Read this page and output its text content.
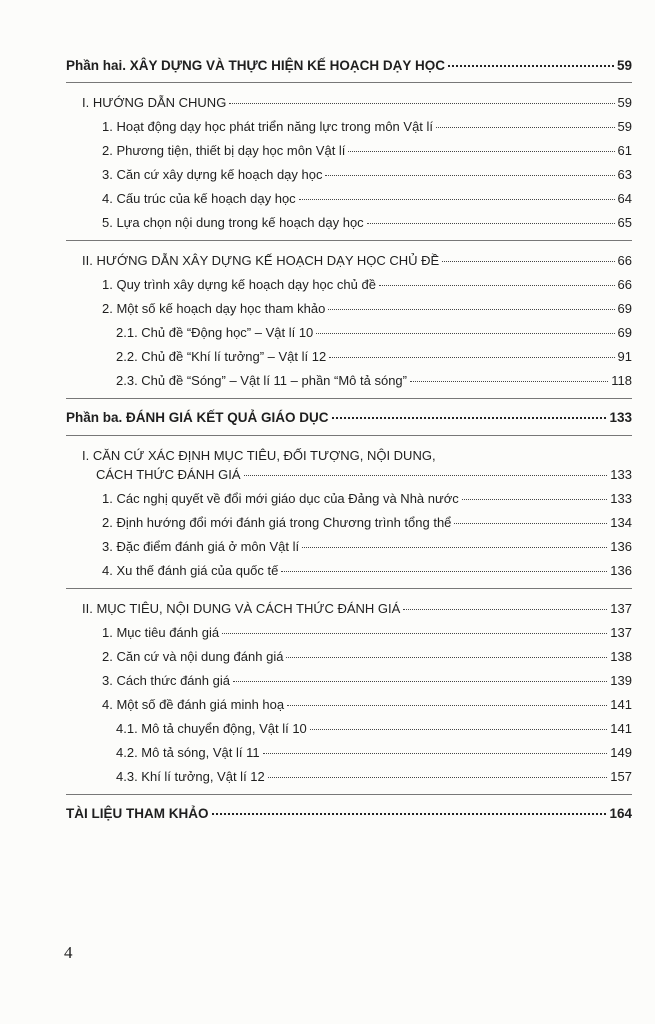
Phần hai. XÂY DỰNG VÀ THỰC HIỆN KẾ HOẠCH DẠY HỌC	59
I. HƯỚNG DẪN CHUNG	59
1. Hoạt động dạy học phát triển năng lực trong môn Vật lí	59
2. Phương tiện, thiết bị dạy học môn Vật lí	61
3. Căn cứ xây dựng kế hoạch dạy học	63
4. Cấu trúc của kế hoạch dạy học	64
5. Lựa chọn nội dung trong kế hoạch dạy học	65
II. HƯỚNG DẪN XÂY DỰNG KẾ HOẠCH DẠY HỌC CHỦ ĐỀ	66
1. Quy trình xây dựng kế hoạch dạy học chủ đề	66
2. Một số kế hoạch dạy học tham khảo	69
2.1. Chủ đề “Động học” – Vật lí 10	69
2.2. Chủ đề “Khí lí tưởng” – Vật lí 12	91
2.3. Chủ đề “Sóng” – Vật lí 11 – phần “Mô tả sóng”	118
Phần ba. ĐÁNH GIÁ KẾT QUẢ GIÁO DỤC	133
I. CĂN CỨ XÁC ĐỊNH MỤC TIÊU, ĐỐI TƯỢNG, NỘI DUNG,
CÁCH THỨC ĐÁNH GIÁ	133
1. Các nghị quyết về đổi mới giáo dục của Đảng và Nhà nước	133
2. Định hướng đổi mới đánh giá trong Chương trình tổng thể	134
3. Đặc điểm đánh giá ở môn Vật lí	136
4. Xu thế đánh giá của quốc tế	136
II. MỤC TIÊU, NỘI DUNG VÀ CÁCH THỨC ĐÁNH GIÁ	137
1. Mục tiêu đánh giá	137
2. Căn cứ và nội dung đánh giá	138
3. Cách thức đánh giá	139
4. Một số đề đánh giá minh hoạ	141
4.1. Mô tả chuyển động, Vật lí 10	141
4.2. Mô tả sóng, Vật lí 11	149
4.3. Khí lí tưởng, Vật lí 12	157
TÀI LIỆU THAM KHẢO	164
4
